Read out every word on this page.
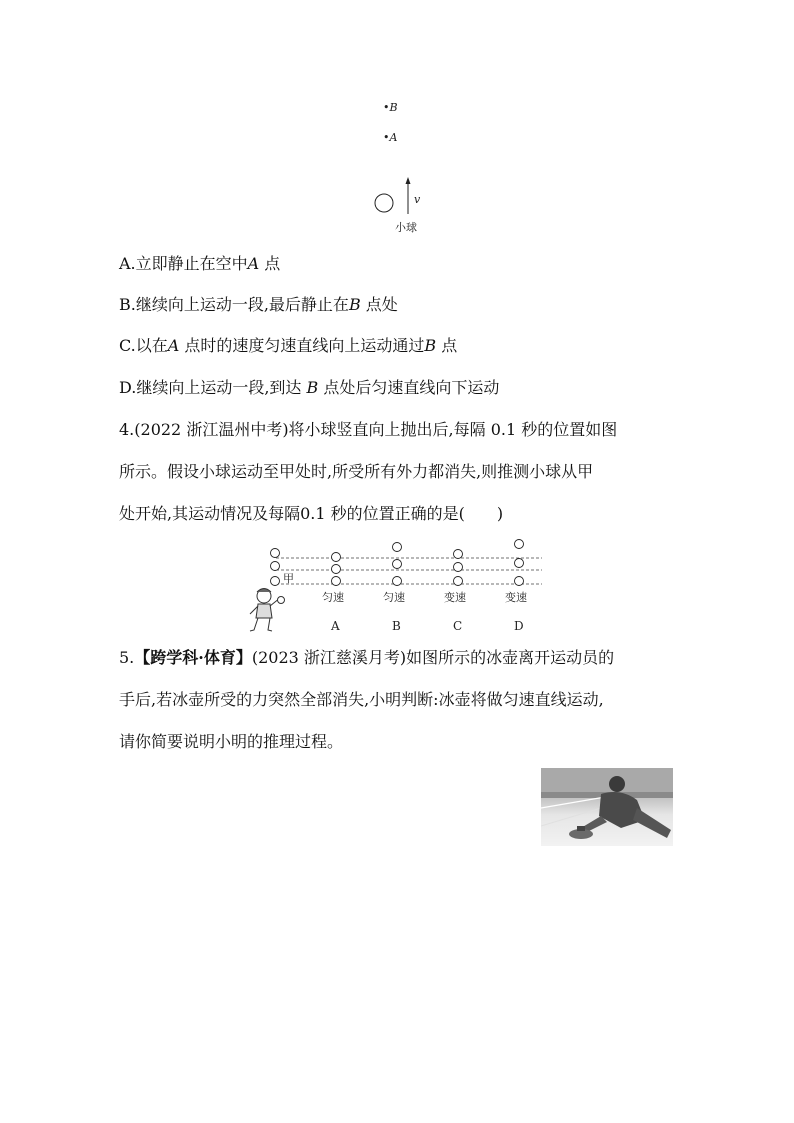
•B
•A
v
小球
A.立即静止在空中A 点
B.继续向上运动一段,最后静止在B 点处
C.以在A 点时的速度匀速直线向上运动通过B 点
D.继续向上运动一段,到达 B 点处后匀速直线向下运动
4.(2022 浙江温州中考)将小球竖直向上抛出后,每隔 0.1 秒的位置如图
所示。假设小球运动至甲处时,所受所有外力都消失,则推测小球从甲
处开始,其运动情况及每隔0.1 秒的位置正确的是(　　)
甲
匀速	匀速	变速	变速
A	B	C	D
5.【跨学科·体育】(2023 浙江慈溪月考)如图所示的冰壶离开运动员的
手后,若冰壶所受的力突然全部消失,小明判断:冰壶将做匀速直线运动,
请你简要说明小明的推理过程。
